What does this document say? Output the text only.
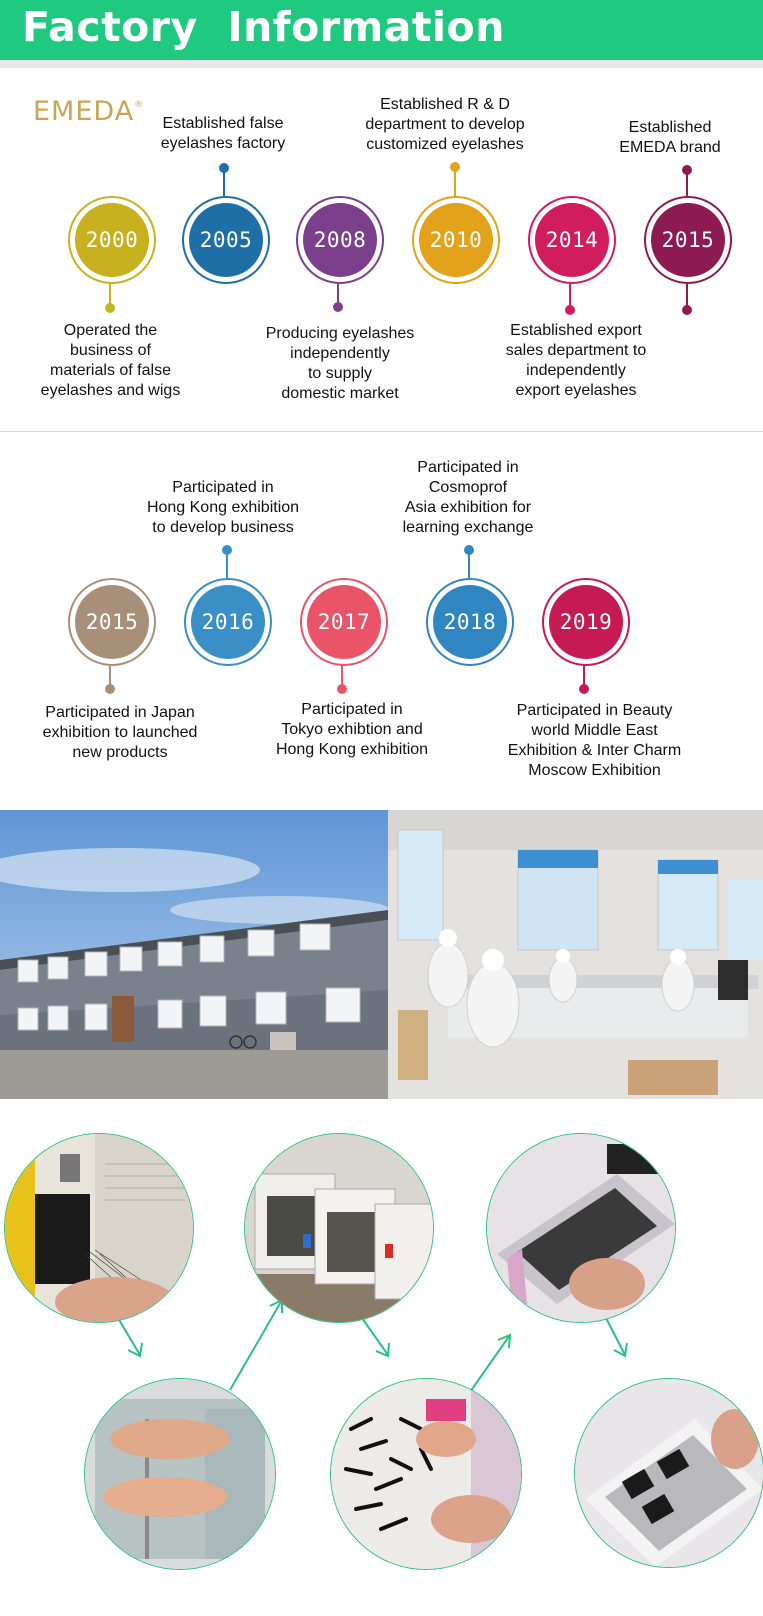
Factory  Information
EMEDA®
Established false
eyelashes factory
Established R & D
department to develop
customized eyelashes
Established
EMEDA brand
2000	2005	2008	2010	2014	2015
Operated the
business of
materials of false
eyelashes and wigs
Producing eyelashes
independently
to supply
domestic market
Established export
sales department to
independently
export eyelashes
Participated in
Hong Kong exhibition
to develop business
Participated in
Cosmoprof
Asia exhibition for
learning exchange
2015	2016	2017	2018	2019
Participated in Japan
exhibition to launched
new products
Participated in
Tokyo exhibtion and
Hong Kong exhibition
Participated in Beauty
world Middle East
Exhibition & Inter Charm
Moscow Exhibition
